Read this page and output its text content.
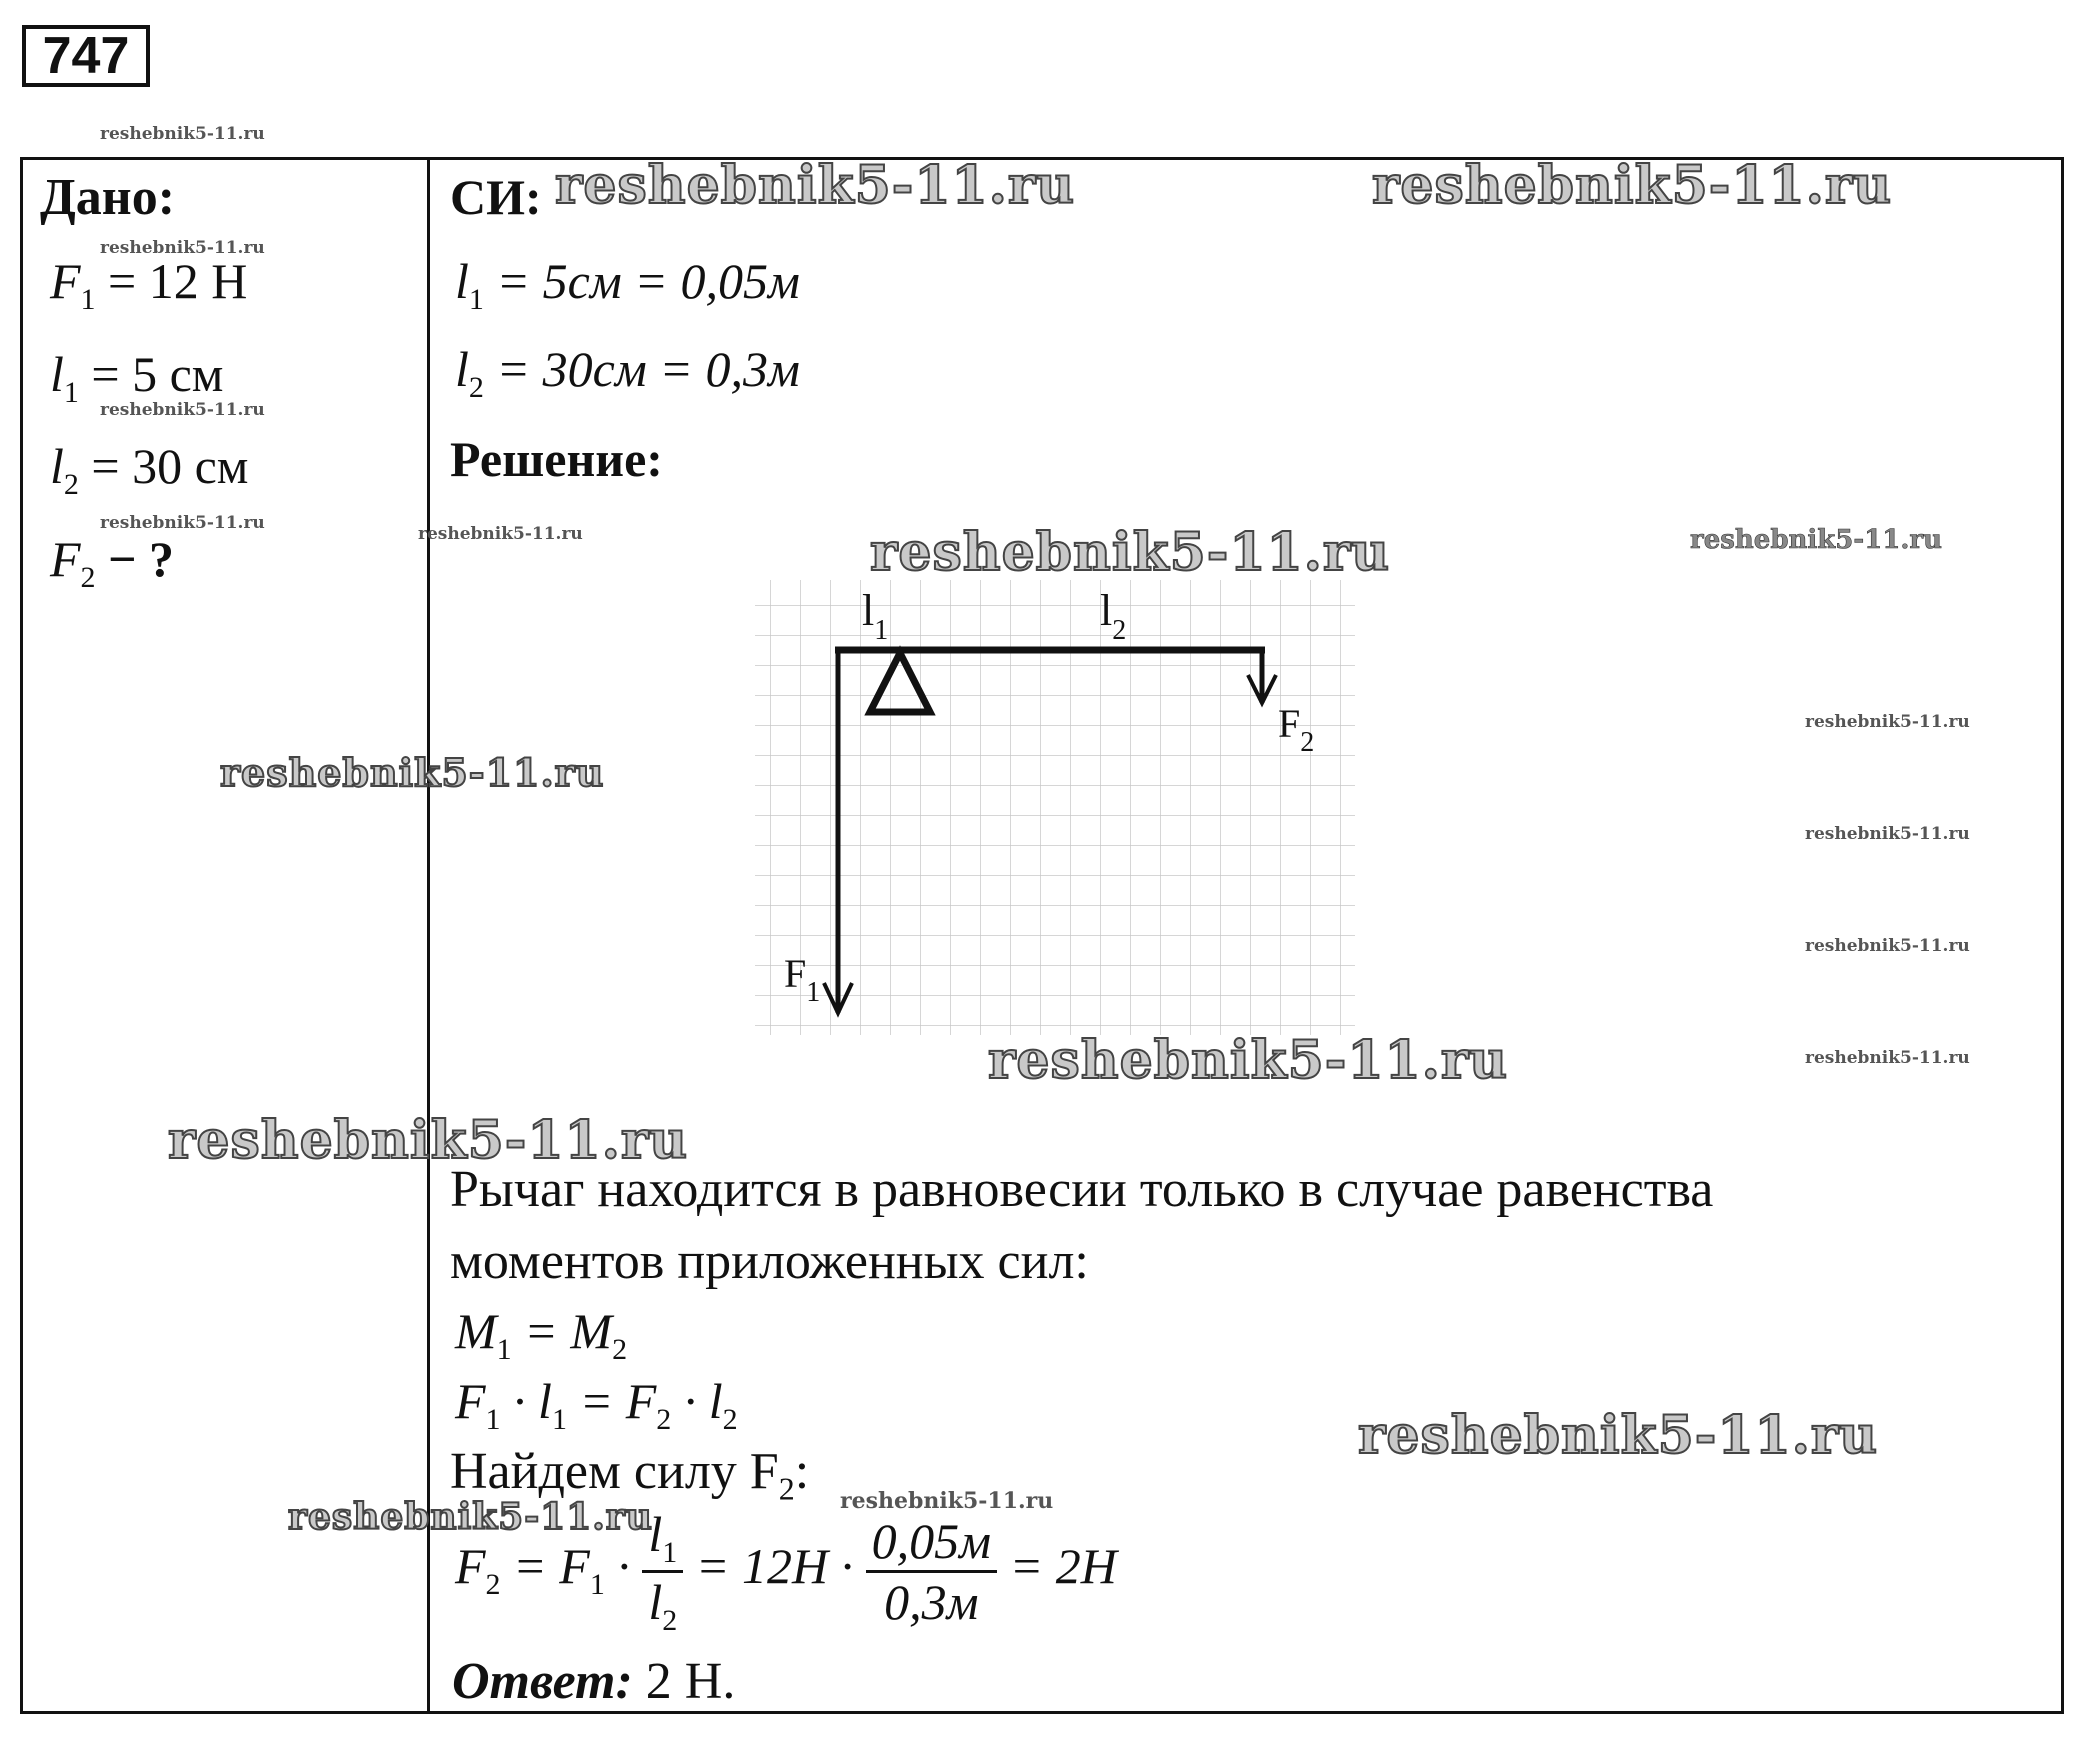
747
Дано:
$F_1 = 12$ Н
$l_1 = 5$ см
$l_2 = 30$ см
$F_2$ − ?
СИ:
$l_1 = 5см = 0,05м$
$l_2 = 30см = 0,3м$
Решение:
$l_1$	$l_2$
$F_2$
$F_1$
Рычаг находится в равновесии только в случае равенства
моментов приложенных сил:
$M_1 = M_2$
$F_1 \cdot l_1 = F_2 \cdot l_2$
Найдем силу $F_2$:
$F_2 = F_1 \cdot \frac{l_1}{l_2} = 12H \cdot \frac{0,05м}{0,3м} = 2H$
Ответ: 2 Н.
reshebnik5-11.ru
reshebnik5-11.ru
reshebnik5-11.ru
reshebnik5-11.ru
reshebnik5-11.ru
reshebnik5-11.ru
reshebnik5-11.ru
reshebnik5-11.ru
reshebnik5-11.ru
reshebnik5-11.ru
reshebnik5-11.ru
reshebnik5-11.ru	reshebnik5-11.ru
reshebnik5-11.ru
reshebnik5-11.ru
reshebnik5-11.ru
reshebnik5-11.ru
reshebnik5-11.ru
reshebnik5-11.ru
